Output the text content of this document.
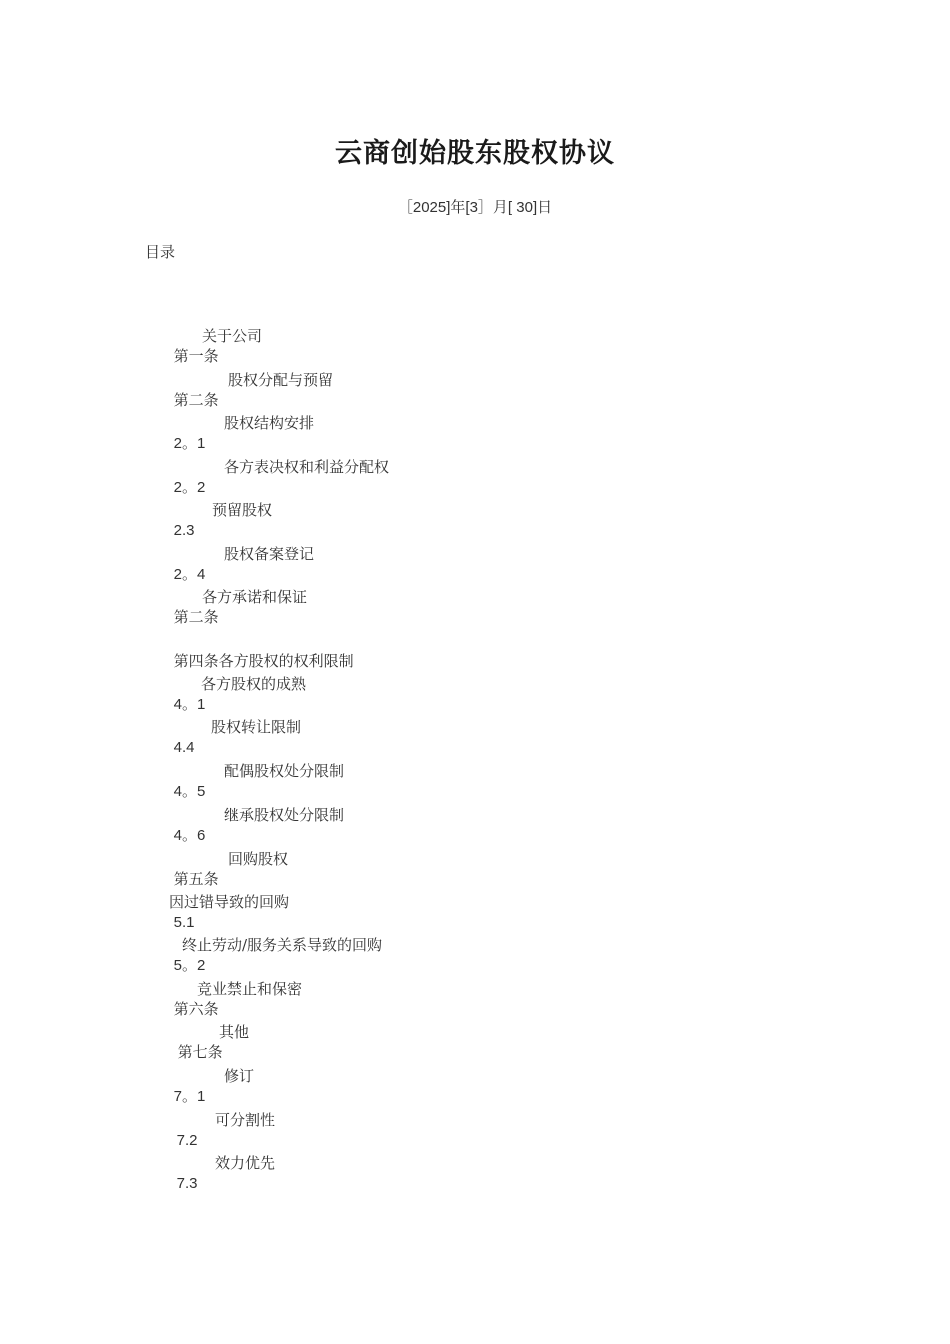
云商创始股东股权协议
［2025]年[3］月[ 30]日
目录

第一条
关于公司

第二条
股权分配与预留

2。1
股权结构安排

2。2
各方表决权和利益分配权

2.3
预留股权

2。4
股权备案登记

第二条
各方承诺和保证

第四条各方股权的权利限制

4。1
各方股权的成熟

4.4
股权转让限制

4。5
配偶股权处分限制

4。6
继承股权处分限制

第五条
回购股权

5.1
因过错导致的回购

5。2
终止劳动/服务关系导致的回购

第六条
竞业禁止和保密

第七条
其他

7。1
修订

7.2
可分割性

7.3
效力优先
